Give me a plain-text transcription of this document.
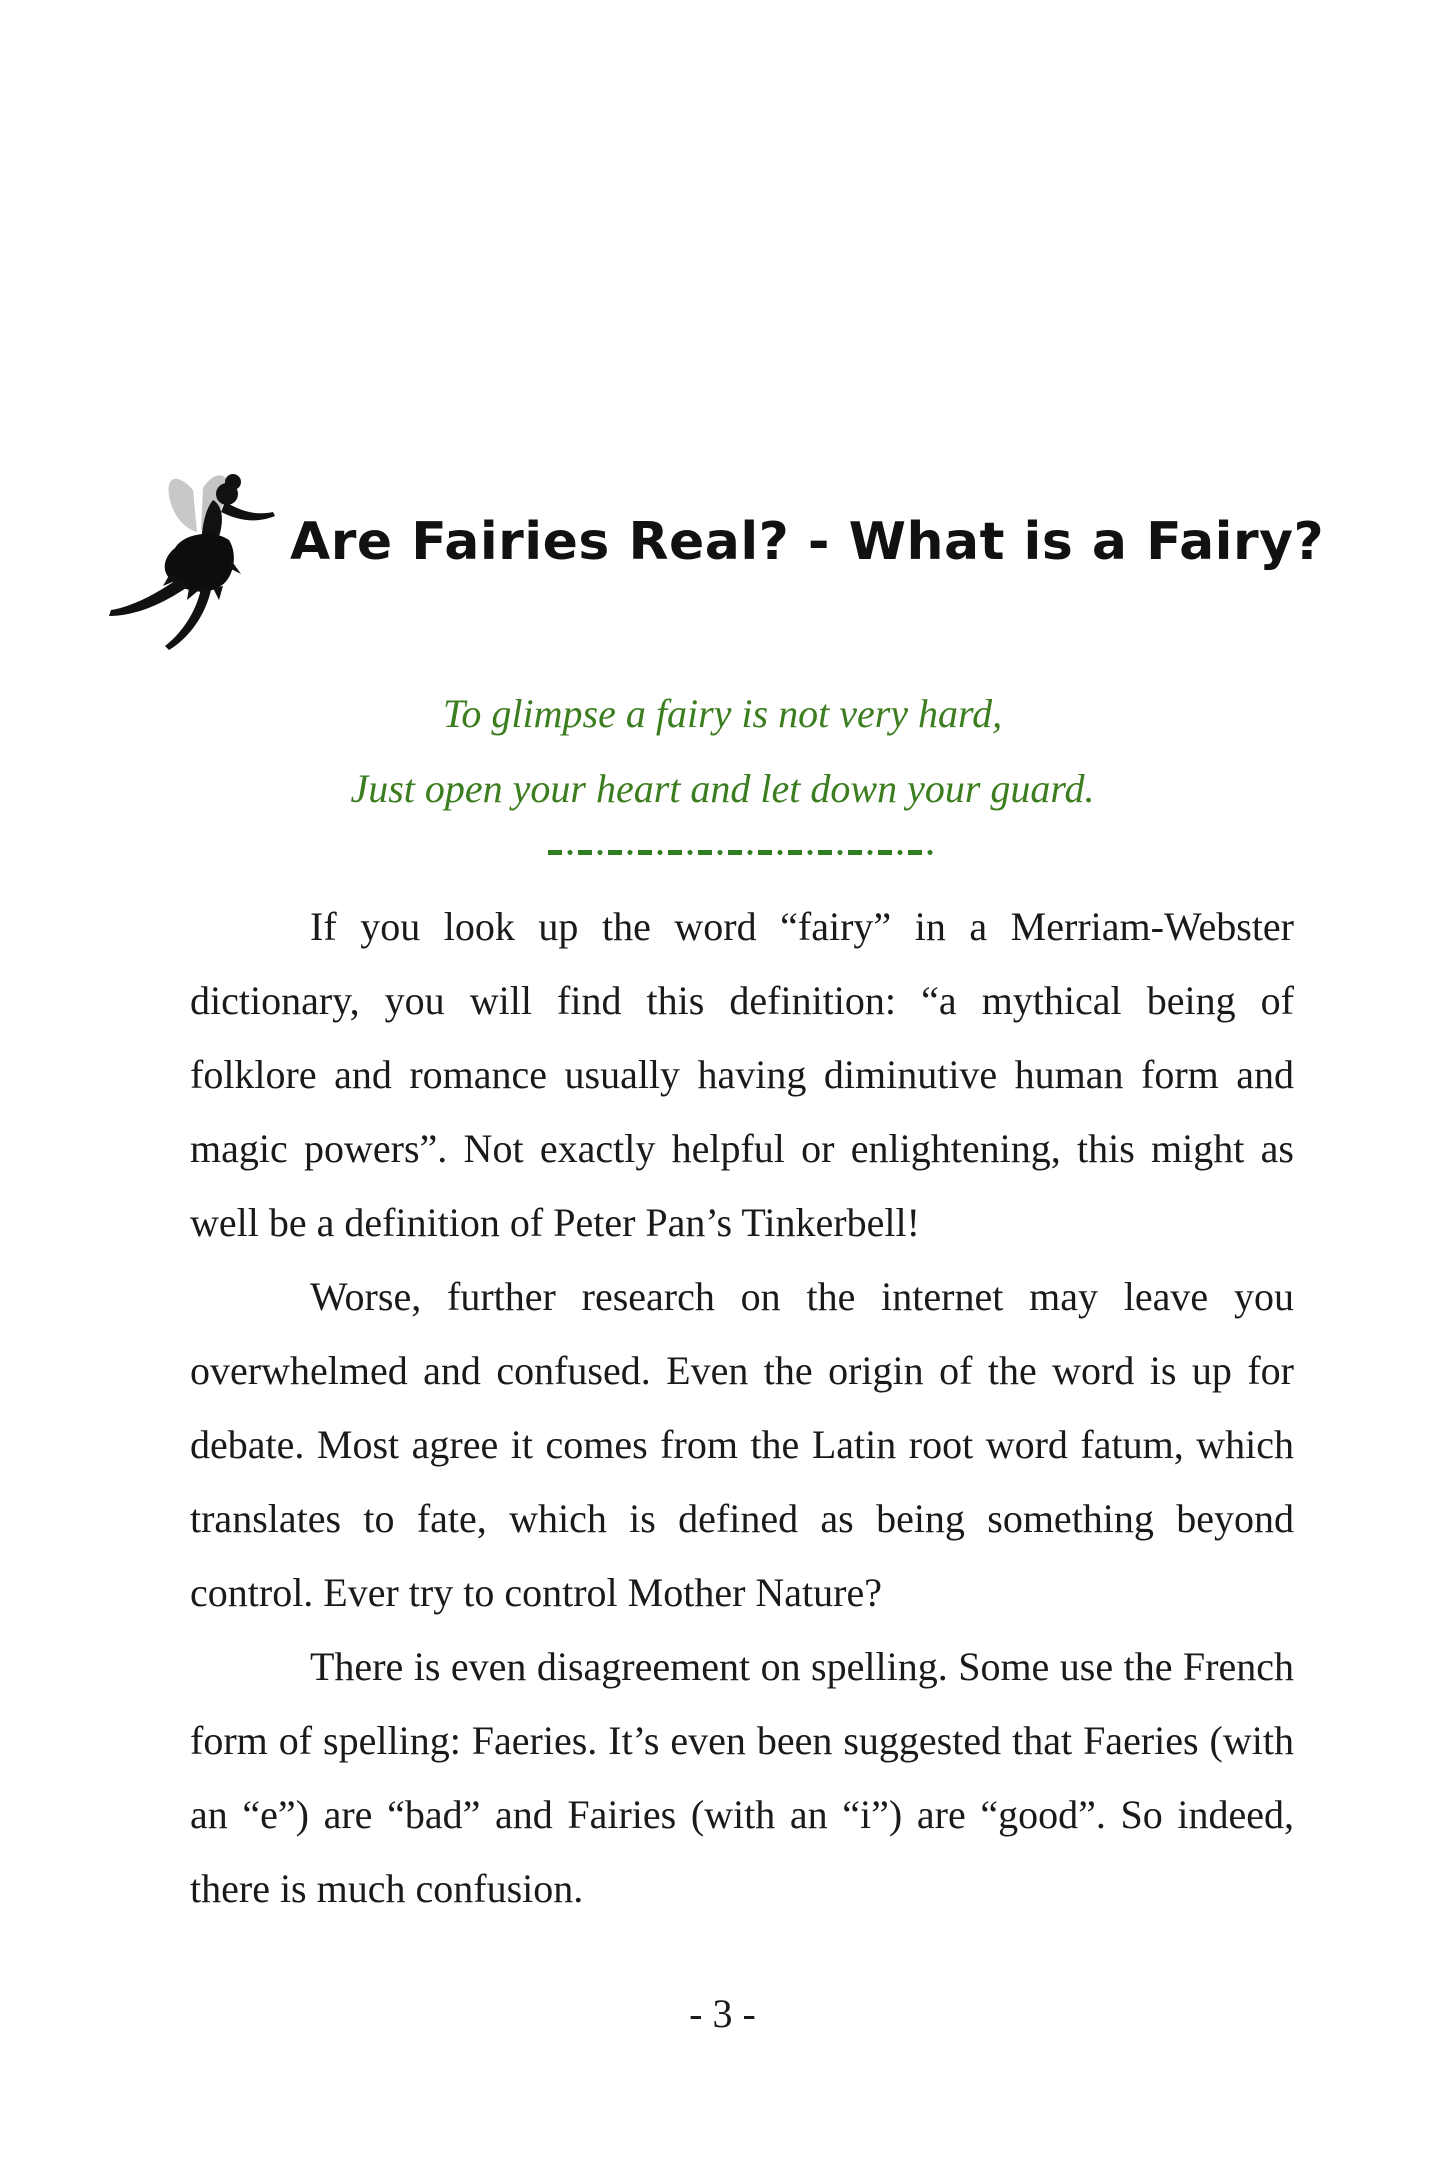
Are Fairies Real? - What is a Fairy?
To glimpse a fairy is not very hard,
Just open your heart and let down your guard.

If you look up the word “fairy” in a Merriam-Webster dictionary, you will find this definition: “a mythical being of folklore and romance usually having diminutive human form and magic powers”. Not exactly helpful or enlightening, this might as well be a definition of Peter Pan’s Tinkerbell!

Worse, further research on the internet may leave you overwhelmed and confused. Even the origin of the word is up for debate. Most agree it comes from the Latin root word fatum, which translates to fate, which is defined as being something beyond control. Ever try to control Mother Nature?

There is even disagreement on spelling. Some use the French form of spelling: Faeries. It’s even been suggested that Faeries (with an “e”) are “bad” and Fairies (with an “i”) are “good”. So indeed, there is much confusion.

- 3 -
